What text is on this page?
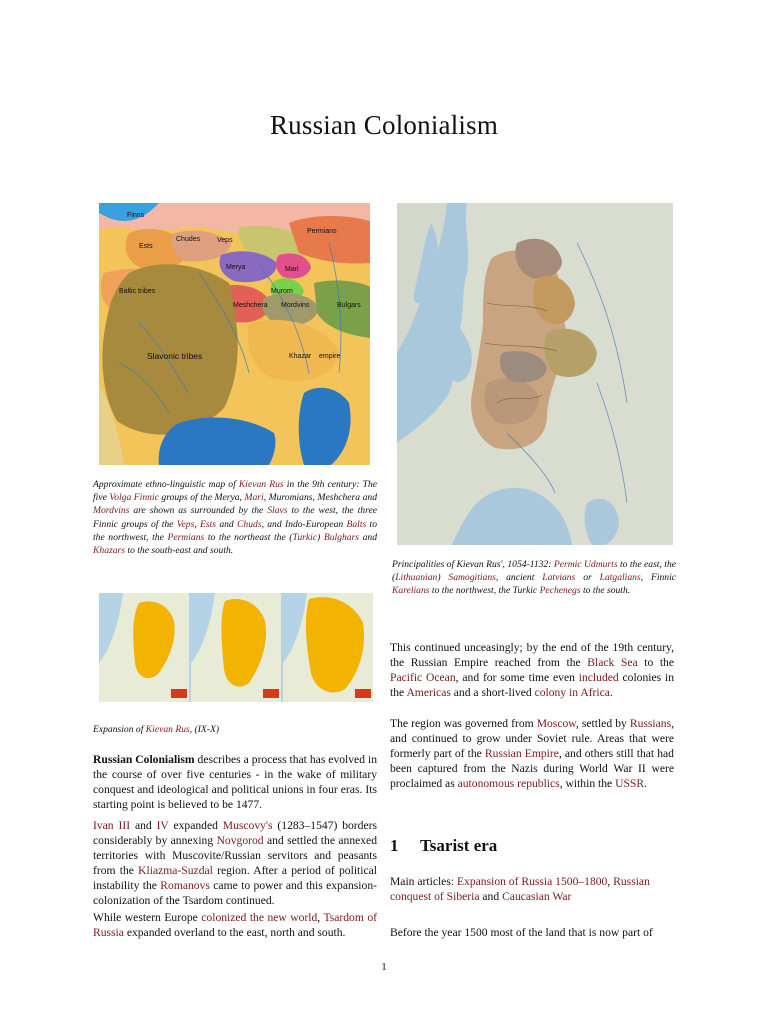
Russian Colonialism
Finns
Ests
Chudes Veps
Permians
Merya	Mari
Baltic tribes	Murom
Mordvins
Meshchera	Bulgars
Slavonic tribes	Khazar empire
Approximate ethno-linguistic map of Kievan Rus in the 9th century: The five Volga Finnic groups of the Merya, Mari, Muromians, Meshchera and Mordvins are shown as surrounded by the Slavs to the west, the three Finnic groups of the Veps, Ests and Chuds, and Indo-European Balts to the northwest, the Permians to the northeast the (Turkic) Bulghars and Khazars to the south-east and south.
Principalities of Kievan Rus', 1054-1132: Permic Udmurts to the east, the (Lithuanian) Samogitians, ancient Latvians or Latgalians, Finnic Karelians to the northwest, the Turkic Pechenegs to the south.
Expansion of Kievan Rus, (IX-X)

Russian Colonialism describes a process that has evolved in the course of over five centuries - in the wake of military conquest and ideological and political unions in four eras. Its starting point is believed to be 1477.

Ivan III and IV expanded Muscovy's (1283–1547) borders considerably by annexing Novgorod and settled the annexed territories with Muscovite/Russian servitors and peasants from the Kliazma-Suzdal region. After a period of political instability the Romanovs came to power and this expansion-colonization of the Tsardom continued.

While western Europe colonized the new world, Tsardom of Russia expanded overland to the east, north and south.

This continued unceasingly; by the end of the 19th century, the Russian Empire reached from the Black Sea to the Pacific Ocean, and for some time even included colonies in the Americas and a short-lived colony in Africa.

The region was governed from Moscow, settled by Russians, and continued to grow under Soviet rule. Areas that were formerly part of the Russian Empire, and others still that had been captured from the Nazis during World War II were proclaimed as autonomous republics, within the USSR.

1 Tsarist era

Main articles: Expansion of Russia 1500–1800, Russian conquest of Siberia and Caucasian War

Before the year 1500 most of the land that is now part of

1
